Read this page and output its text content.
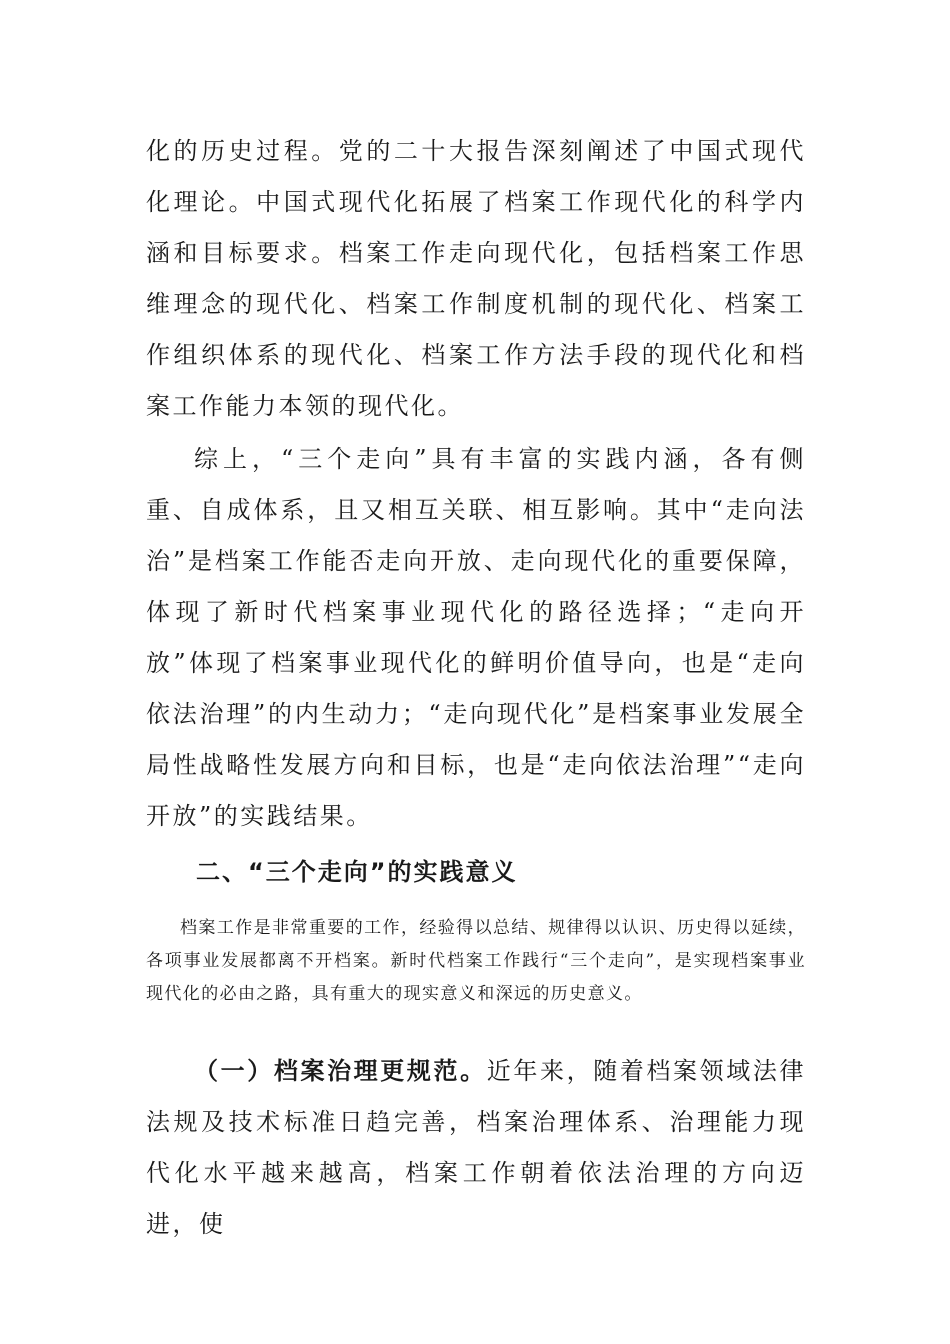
化的历史过程。党的二十大报告深刻阐述了中国式现代化理论。中国式现代化拓展了档案工作现代化的科学内涵和目标要求。档案工作走向现代化，包括档案工作思维理念的现代化、档案工作制度机制的现代化、档案工作组织体系的现代化、档案工作方法手段的现代化和档案工作能力本领的现代化。

综上，“三个走向”具有丰富的实践内涵，各有侧重、自成体系，且又相互关联、相互影响。其中“走向法治”是档案工作能否走向开放、走向现代化的重要保障，体现了新时代档案事业现代化的路径选择；“走向开放”体现了档案事业现代化的鲜明价值导向，也是“走向依法治理”的内生动力；“走向现代化”是档案事业发展全局性战略性发展方向和目标，也是“走向依法治理”“走向开放”的实践结果。

二、“三个走向”的实践意义

档案工作是非常重要的工作，经验得以总结、规律得以认识、历史得以延续，各项事业发展都离不开档案。新时代档案工作践行“三个走向”，是实现档案事业现代化的必由之路，具有重大的现实意义和深远的历史意义。

（一）档案治理更规范。近年来，随着档案领域法律法规及技术标准日趋完善，档案治理体系、治理能力现代化水平越来越高，档案工作朝着依法治理的方向迈进，使
